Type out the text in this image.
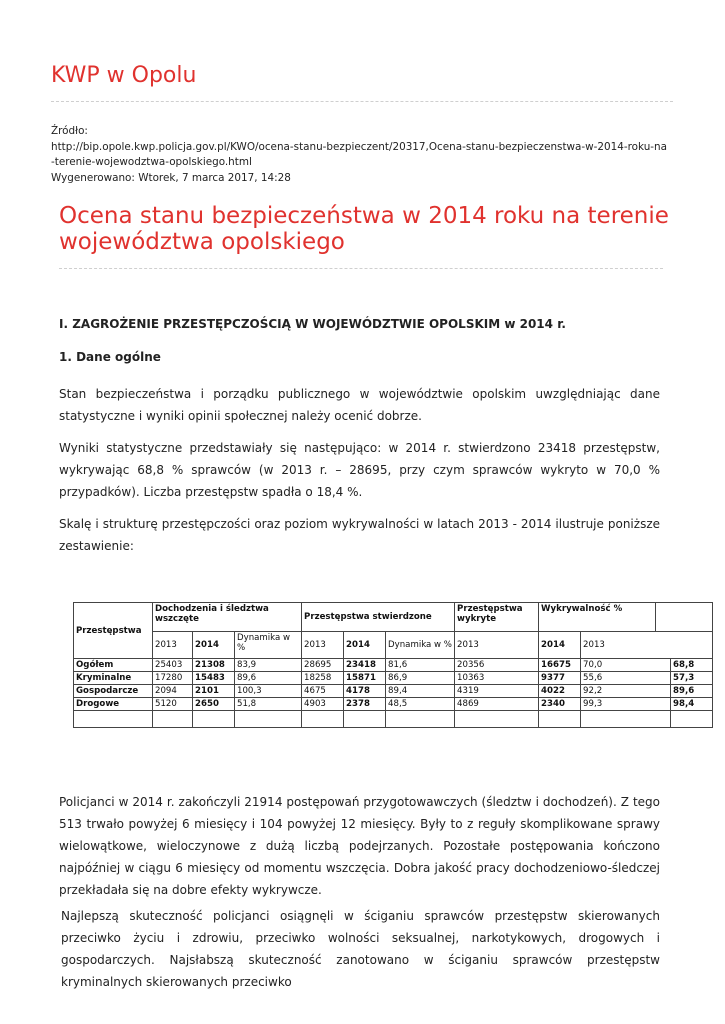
KWP w Opolu
Źródło:
http://bip.opole.kwp.policja.gov.pl/KWO/ocena-stanu-bezpieczent/20317,Ocena-stanu-bezpieczenstwa-w-2014-roku-na
-terenie-wojewodztwa-opolskiego.html
Wygenerowano: Wtorek, 7 marca 2017, 14:28
Ocena stanu bezpieczeństwa w 2014 roku na terenie województwa opolskiego
I. ZAGROŻENIE PRZESTĘPCZOŚCIĄ W WOJEWÓDZTWIE OPOLSKIM w 2014 r.
1. Dane ogólne

Stan bezpieczeństwa i porządku publicznego w województwie opolskim uwzględniając dane statystyczne i wyniki opinii społecznej należy ocenić dobrze.

Wyniki statystyczne przedstawiały się następująco: w 2014 r. stwierdzono 23418 przestępstw, wykrywając 68,8 % sprawców (w 2013 r. – 28695, przy czym sprawców wykryto w 70,0 % przypadków). Liczba przestępstw spadła o 18,4 %.

Skalę i strukturę przestępczości oraz poziom wykrywalności w latach 2013 - 2014 ilustruje poniższe zestawienie:

Przestępstwa	Dochodzenia i śledztwa wszczęte			Przestępstwa stwierdzone			Przestępstwa wykryte	Wykrywalność %				
	2013	2014	Dynamika w %	2013	2014	Dynamika w %	2013	2014	2013	
Ogółem	25403	21308	83,9	28695	23418	81,6	20356	16675	70,0		68,8	
Kryminalne	17280	15483	89,6	18258	15871	86,9	10363	9377	55,6		57,3	
Gospodarcze	2094	2101	100,3	4675	4178	89,4	4319	4022	92,2		89,6	
Drogowe	5120	2650	51,8	4903	2378	48,5	4869	2340	99,3		98,4	

Policjanci w 2014 r. zakończyli 21914 postępowań przygotowawczych (śledztw i dochodzeń). Z tego 513 trwało powyżej 6 miesięcy i 104 powyżej 12 miesięcy. Były to z reguły skomplikowane sprawy wielowątkowe, wieloczynowe z dużą liczbą podejrzanych. Pozostałe postępowania kończono najpóźniej w ciągu 6 miesięcy od momentu wszczęcia. Dobra jakość pracy dochodzeniowo-śledczej przekładała się na dobre efekty wykrywcze.

Najlepszą skuteczność policjanci osiągnęli w ściganiu sprawców przestępstw skierowanych przeciwko życiu i zdrowiu, przeciwko wolności seksualnej, narkotykowych, drogowych i gospodarczych. Najsłabszą skuteczność zanotowano w ściganiu sprawców przestępstw kryminalnych skierowanych przeciwko
